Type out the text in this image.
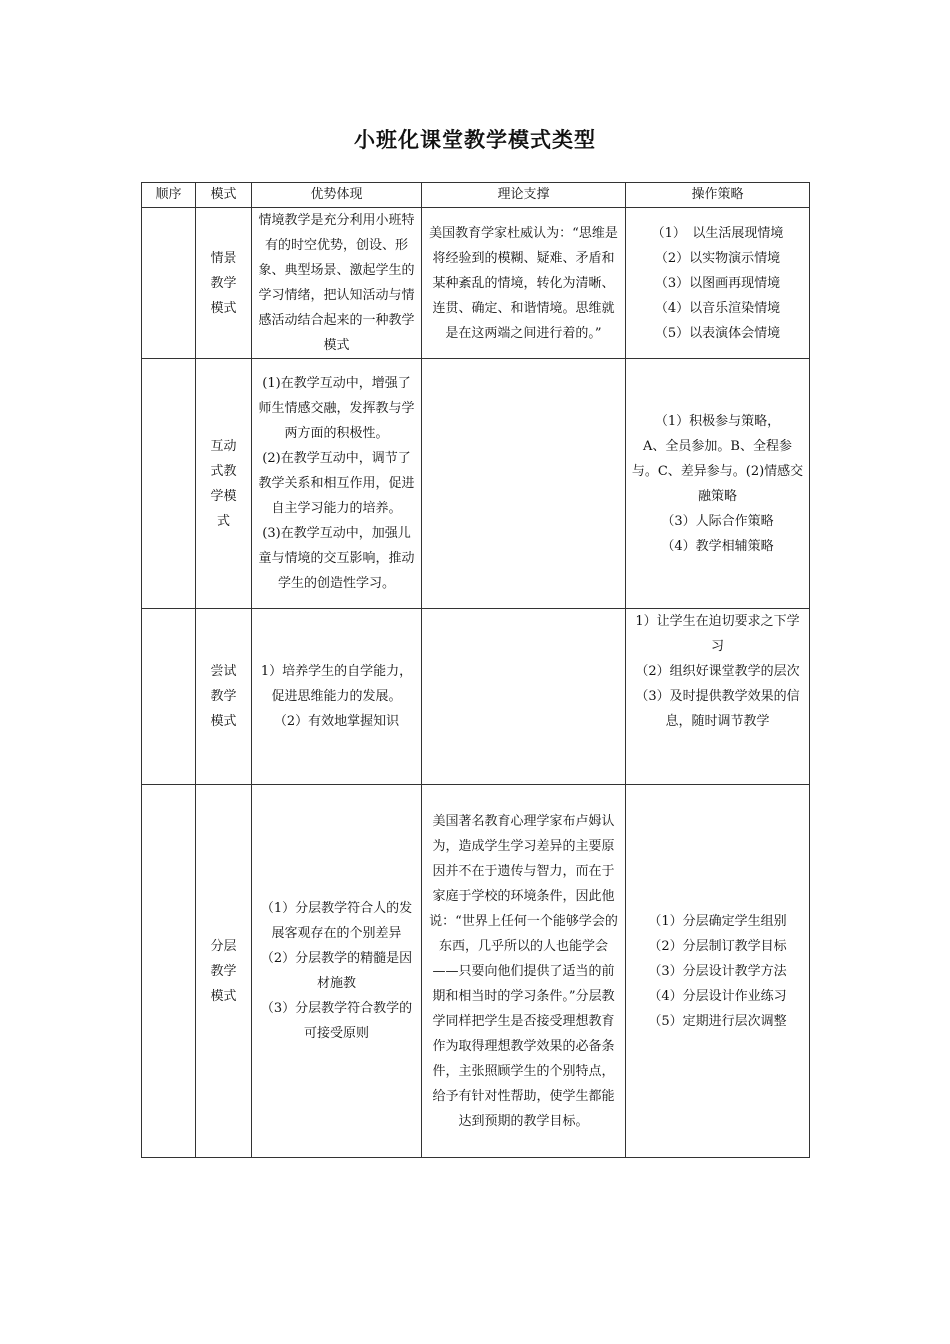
小班化课堂教学模式类型
顺序	模式	优势体现	理论支撑	操作策略
	情景教学模式	情境教学是充分利用小班特有的时空优势，创设、形象、典型场景、激起学生的学习情绪，把认知活动与情感活动结合起来的一种教学模式	美国教育学家杜威认为：“思维是将经验到的模糊、疑难、矛盾和某种紊乱的情境，转化为清晰、连贯、确定、和谐情境。思维就是在这两端之间进行着的。”	（1）　以生活展现情境
（2）以实物演示情境
（3）以图画再现情境
（4）以音乐渲染情境
（5）以表演体会情境

	互动式教学模式	(1)在教学互动中，增强了师生情感交融，发挥教与学两方面的积极性。
(2)在教学互动中，调节了教学关系和相互作用，促进自主学习能力的培养。
(3)在教学互动中，加强儿童与情境的交互影响，推动学生的创造性学习。		（1）积极参与策略，
A、全员参加。B、全程参与。C、差异参与。(2)情感交融策略
（3）人际合作策略
（4）教学相辅策略

	尝试教学模式	1）培养学生的自学能力，促进思维能力的发展。
（2）有效地掌握知识		1）让学生在迫切要求之下学习
（2）组织好课堂教学的层次
（3）及时提供教学效果的信息，随时调节教学

	分层教学模式	（1）分层教学符合人的发展客观存在的个别差异
（2）分层教学的精髓是因材施教
（3）分层教学符合教学的可接受原则	美国著名教育心理学家布卢姆认为，造成学生学习差异的主要原因并不在于遗传与智力，而在于家庭于学校的环境条件，因此他说：“世界上任何一个能够学会的东西，几乎所以的人也能学会——只要向他们提供了适当的前期和相当时的学习条件。”分层教学同样把学生是否接受理想教育作为取得理想教学效果的必备条件，主张照顾学生的个别特点，给予有针对性帮助，使学生都能达到预期的教学目标。	（1）分层确定学生组别
（2）分层制订教学目标
（3）分层设计教学方法
（4）分层设计作业练习
（5）定期进行层次调整
